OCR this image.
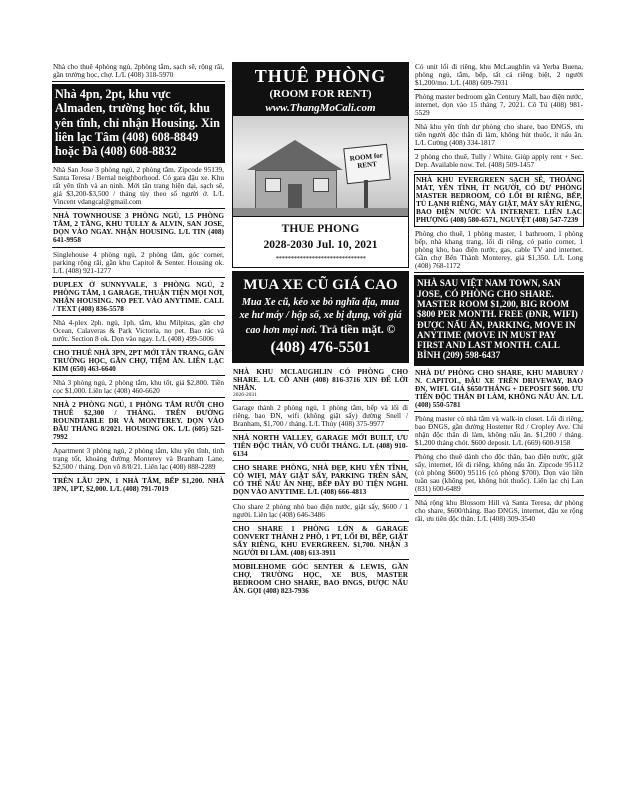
Nhà cho thuê 4phòng ngủ, 2phòng tắm, sạch sẽ, rộng rãi, gần trường học, chợ. L/L (408) 318-5970
Nhà 4pn, 2pt, khu vực Almaden, trường học tốt, khu yên tĩnh, chỉ nhận Housing. Xin liên lạc Tâm (408) 608-8849 hoặc Đà (408) 608-8832
Nhà San Jose 3 phòng ngủ, 2 phòng tắm. Zipcode 95139, Santa Teresa / Bernal neighborhood. Có gara đậu xe. Khu rất yên tĩnh và an ninh. Mới tân trang hiện đại, sạch sẽ, giá $3,200-$3,500 / tháng tùy theo số người ở. L/L Vincent vdangcal@gmail.com
NHÀ TOWNHOUSE 3 PHÒNG NGỦ, 1.5 PHÒNG TẮM, 2 TẦNG, KHU TULLY & ALVIN, SAN JOSE, DỌN VÀO NGAY. NHẬN HOUSING. L/L TIN (408) 641-9958
Singlehouse 4 phòng ngủ, 2 phòng tắm, góc corner, parking rộng rãi, gần khu Capitol & Senter. Housing ok. L/L (408) 921-1277
DUPLEX Ở SUNNYVALE, 3 PHÒNG NGỦ, 2 PHÒNG TẮM, 1 GARAGE, THUẬN TIỆN MỌI NƠI, NHẬN HOUSING. NO PET. VÀO ANYTIME. CALL / TEXT (408) 836-5578
Nhà 4-plex 2ph. ngủ, 1ph. tắm, khu Milpitas, gần chợ Ocean, Calaveras & Park Victoria, no pet. Bao rác và nước. Section 8 ok. Dọn vào ngay. L/L (408) 499-5006
CHO THUÊ NHÀ 3PN, 2PT MỚI TÂN TRANG, GẦN TRƯỜNG HỌC, GẦN CHỢ, TIỆM ĂN. LIÊN LẠC KIM (650) 463-6640
Nhà 3 phòng ngủ, 2 phòng tắm, khu tốt, giá $2,800. Tiền cọc $1,000. Liên lạc (408) 460-6620
NHÀ 2 PHÒNG NGỦ, 1 PHÒNG TẮM RƯỠI CHO THUÊ $2,300 / THÁNG. TRÊN ĐƯỜNG ROUNDTABLE DR VÀ MONTEREY. DỌN VÀO ĐẦU THÁNG 8/2021. HOUSING OK. L/L (605) 521-7992
Apartment 3 phòng ngủ, 2 phòng tắm, khu yên tĩnh, tình trạng tốt, khoảng đường Monterey và Branham Lane, $2,500 / tháng. Dọn vô 8/8/21. Liên lạc (408) 888-2289
TRÊN LẦU 2PN, 1 NHÀ TẮM, BẾP $1,200. NHÀ 3PN, 1PT, $2,000. L/L (408) 791-7019
THUÊ PHÒNG
(ROOM FOR RENT)
www.ThangMoCali.com
ROOM for RENT
THUE PHONG
2028-2030 Jul. 10, 2021
******************************
MUA XE CŨ GIÁ CAO
Mua Xe cũ, kéo xe bỏ nghĩa địa, mua xe hư máy / hộp số, xe bị đụng, với giá cao hơn mọi nơi. Trả tiền mặt. ©
(408) 476-5501
NHÀ KHU MCLAUGHLIN CÓ PHÒNG CHO SHARE. L/L CÔ ANH (408) 816-3716 XIN ĐỂ LỜI NHẮN.
2026-2031
Garage thành 2 phòng ngủ, 1 phòng tắm, bếp và lối đi riêng, bao ĐN, wifi (không giặt sấy) đường Snell / Branham, $1,700 / tháng. L/L Thủy (408) 375-9977
NHÀ NORTH VALLEY, GARAGE MỚI BUILT, ƯU TIÊN ĐỘC THÂN, VÔ CUỐI THÁNG. L/L (408) 910-6134
CHO SHARE PHÒNG, NHÀ ĐẸP, KHU YÊN TĨNH, CÓ WIFI, MÁY GIẶT SẤY, PARKING TRÊN SÂN, CÓ THỂ NẤU ĂN NHẸ, BẾP ĐẦY ĐỦ TIỆN NGHI. DỌN VÀO ANYTIME. L/L (408) 666-4813
Cho share 2 phòng nhỏ bao điện nước, giặt sấy, $600 / 1 người. Liên lạc (408) 646-3486
CHO SHARE 1 PHÒNG LỚN & GARAGE CONVERT THÀNH 2 PHÒ, 1 PT, LỐI ĐI, BẾP, GIẶT SẤY RIÊNG, KHU EVERGREEN. $1,700. NHẬN 3 NGƯỜI ĐI LÀM. (408) 613-3911
MOBILEHOME GÓC SENTER & LEWIS, GẦN CHỢ, TRƯỜNG HỌC, XE BUS, MASTER BEDROOM CHO SHARE, BAO ĐNGS, ĐƯỢC NẤU ĂN. GỌI (408) 823-7936
Có unit lối đi riêng, khu McLaughlin và Yerba Buena, phòng ngủ, tắm, bếp, tất cả riêng biệt, 2 người $1,200/mo. L/L (408) 609-7931
Phòng master bedroom gần Century Mall, bao điện nước, internet, dọn vào 15 tháng 7, 2021. Cô Tú (408) 981-5529
Nhà khu yên tĩnh dư phòng cho share, bao ĐNGS, ưu tiên người độc thân đi làm, không hút thuốc, ít nấu ăn. L/L Cường (408) 334-1817
2 phòng cho thuê, Tully / White. Giúp apply rent + Sec. Dep. Available now. Tel. (408) 509-1457
NHÀ KHU EVERGREEN SẠCH SẼ, THOÁNG MÁT, YÊN TĨNH, ÍT NGƯỜI, CÓ DƯ PHÒNG MASTER BEDROOM, CÓ LỐI ĐI RIÊNG, BẾP, TỦ LẠNH RIÊNG, MÁY GIẶT, MÁY SẤY RIÊNG, BAO ĐIỆN NƯỚC VÀ INTERNET. LIÊN LẠC PHƯỢNG (408) 580-6571, NGUYỆT (408) 547-7239
Phòng cho thuê, 1 phòng master, 1 bathroom, 1 phòng bếp, nhà khang trang, lối đi riêng, có patio corner, 1 phòng kho, bao điện nước, gas, cable TV and internet. Gần chợ Bến Thành Monterey, giá $1,350. L/L Long (408) 768-1172
NHÀ SAU VIỆT NAM TOWN, SAN JOSE, CÓ PHÒNG CHO SHARE. MASTER ROOM $1,200, BIG ROOM $800 PER MONTH. FREE (ĐNR, WIFI) ĐƯỢC NẤU ĂN, PARKING, MOVE IN ANYTIME (MOVE IN MUST PAY FIRST AND LAST MONTH. CALL BÌNH (209) 598-6437
NHÀ DƯ PHÒNG CHO SHARE, KHU MABURY / N. CAPITOL, ĐẬU XE TRÊN DRIVEWAY, BAO ĐN, WIFI. GIÁ $650/THÁNG + DEPOSIT $600. ƯU TIÊN ĐỘC THÂN ĐI LÀM, KHÔNG NẤU ĂN. L/L (408) 550-5781
Phòng master có nhà tắm và walk-in closet. Lối đi riêng, bao ĐNGS, gần đường Hostetter Rd / Cropley Ave. Chỉ nhận độc thân đi làm, không nấu ăn. $1,200 / tháng. $1,200 tháng chót. $600 deposit. L/L (669) 600-9158
Phòng cho thuê dành cho độc thân, bao điện nước, giặt sấy, internet, lối đi riêng, không nấu ăn. Zipcode 95112 (có phòng $600) 95116 (có phòng $700). Dọn vào liền tuần sau (không pet, không hút thuốc). Liên lạc chị Lan (831) 600-6489
Nhà rộng khu Blossom Hill và Santa Teresa, dư phòng cho share, $600/tháng. Bao ĐNGS, internet, đậu xe rộng rãi, ưu tiên độc thân. L/L (408) 309-3540
